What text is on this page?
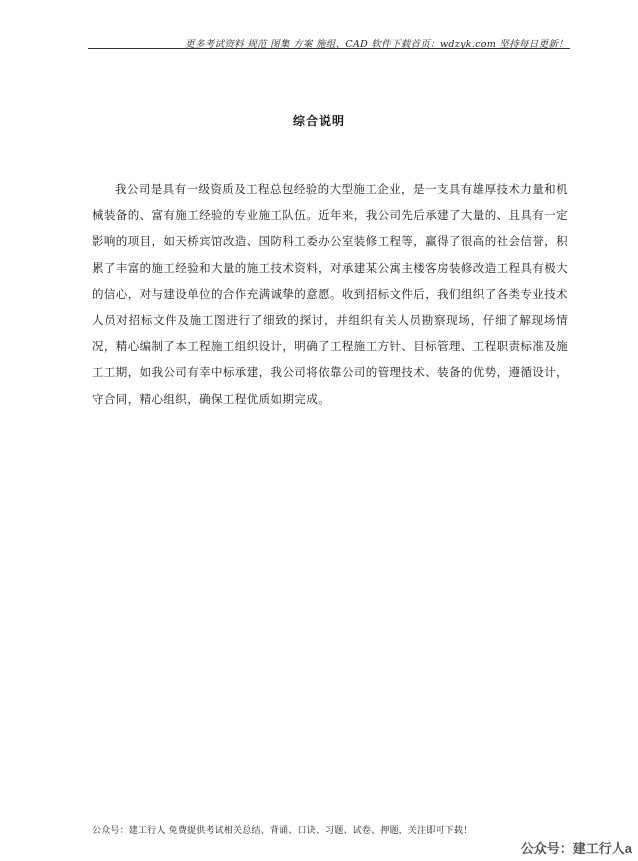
更多考试资料 规范 图集 方案 施组、CAD 软件下载首页：wdzyk.com 坚持每日更新！
综合说明

我公司是具有一级资质及工程总包经验的大型施工企业，是一支具有雄厚技术力量和机械装备的、富有施工经验的专业施工队伍。近年来，我公司先后承建了大量的、且具有一定影响的项目，如天桥宾馆改造、国防科工委办公室装修工程等，赢得了很高的社会信誉，积累了丰富的施工经验和大量的施工技术资料，对承建某公寓主楼客房装修改造工程具有极大的信心，对与建设单位的合作充满诚挚的意愿。收到招标文件后，我们组织了各类专业技术人员对招标文件及施工图进行了细致的探讨，并组织有关人员勘察现场，仔细了解现场情况，精心编制了本工程施工组织设计，明确了工程施工方针、目标管理、工程职责标准及施工工期，如我公司有幸中标承建，我公司将依靠公司的管理技术、装备的优势，遵循设计，守合同，精心组织，确保工程优质如期完成。

公众号：建工行人 免费提供考试相关总结、背诵、口诀、习题、试卷、押题，关注即可下载！
公众号：建工行人a
